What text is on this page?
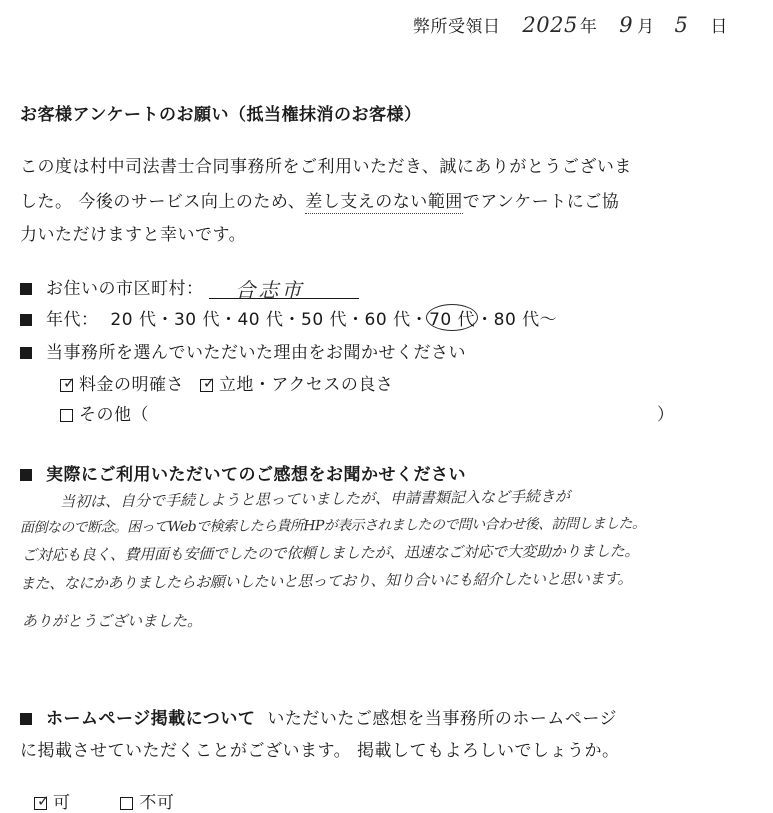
弊所受領日 2025 年 9 月 5 日
お客様アンケートのお願い（抵当権抹消のお客様）
この度は村中司法書士合同事務所をご利用いただき、誠にありがとうございま
した。 今後のサービス向上のため、差し支えのない範囲でアンケートにご協
力いただけますと幸いです。
お住いの市区町村： 合志市
年代： 20 代・30 代・40 代・50 代・60 代・70 代・80 代～
当事務所を選んでいただいた理由をお聞かせください
✓ 料金の明確さ ✓ 立地・アクセスの良さ
その他（	）
実際にご利用いただいてのご感想をお聞かせください
当初は、自分で手続しようと思っていましたが、申請書類記入など手続きが
面倒なので断念。困ってWebで検索したら貴所HPが表示されましたので問い合わせ後、訪問しました。
ご対応も良く、費用面も安価でしたので依頼しましたが、迅速なご対応で大変助かりました。
また、なにかありましたらお願いしたいと思っており、知り合いにも紹介したいと思います。
ありがとうございました。
ホームページ掲載について いただいたご感想を当事務所のホームページ
に掲載させていただくことがございます。 掲載してもよろしいでしょうか。
✓ 可	不可
